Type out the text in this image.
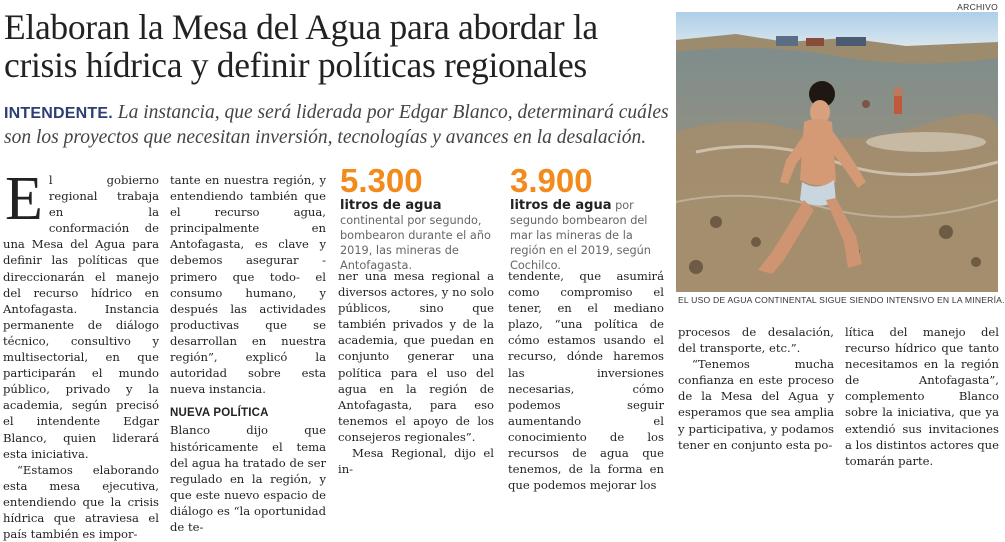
Elaboran la Mesa del Agua para abordar la crisis hídrica y definir políticas regionales

INTENDENTE. La instancia, que será liderada por Edgar Blanco, determinará cuáles son los proyectos que necesitan inversión, tecnologías y avances en la desalación.

E l gobierno regional trabaja en la conformación de una Mesa del Agua para definir las políticas que direccionarán el manejo del recurso hídrico en Antofagasta. Instancia permanente de diálogo técnico, consultivo y multisectorial, en que participarán el mundo público, privado y la academia, según precisó el intendente Edgar Blanco, quien liderará esta iniciativa.

“Estamos elaborando esta mesa ejecutiva, entendiendo que la crisis hídrica que atraviesa el país también es impor-

tante en nuestra región, y entendiendo también que el recurso agua, principalmente en Antofagasta, es clave y debemos asegurar -primero que todo- el consumo humano, y después las actividades productivas que se desarrollan en nuestra región”, explicó la autoridad sobre esta nueva instancia.

NUEVA POLÍTICA

Blanco dijo que históricamente el tema del agua ha tratado de ser regulado en la región, y que este nuevo espacio de diálogo es “la oportunidad de te-

5.300
litros de agua continental por segundo, bombearon durante el año 2019, las mineras de Antofagasta.
3.900
litros de agua por segundo bombearon del mar las mineras de la región en el 2019, según Cochilco.

ner una mesa regional a diversos actores, y no solo públicos, sino que también privados y de la academia, que puedan en conjunto generar una política para el uso del agua en la región de Antofagasta, para eso tenemos el apoyo de los consejeros regionales”.

Mesa Regional, dijo el in-

tendente, que asumirá como compromiso el tener, en el mediano plazo, “una política de cómo estamos usando el recurso, dónde haremos las inversiones necesarias, cómo podemos seguir aumentando el conocimiento de los recursos de agua que tenemos, de la forma en que podemos mejorar los

ARCHIVO
EL USO DE AGUA CONTINENTAL SIGUE SIENDO INTENSIVO EN LA MINERÍA.

procesos de desalación, del transporte, etc.”.

“Tenemos mucha confianza en este proceso de la Mesa del Agua y esperamos que sea amplia y participativa, y podamos tener en conjunto esta po-

lítica del manejo del recurso hídrico que tanto necesitamos en la región de Antofagasta”, complemento Blanco sobre la iniciativa, que ya extendió sus invitaciones a los distintos actores que tomarán parte.
